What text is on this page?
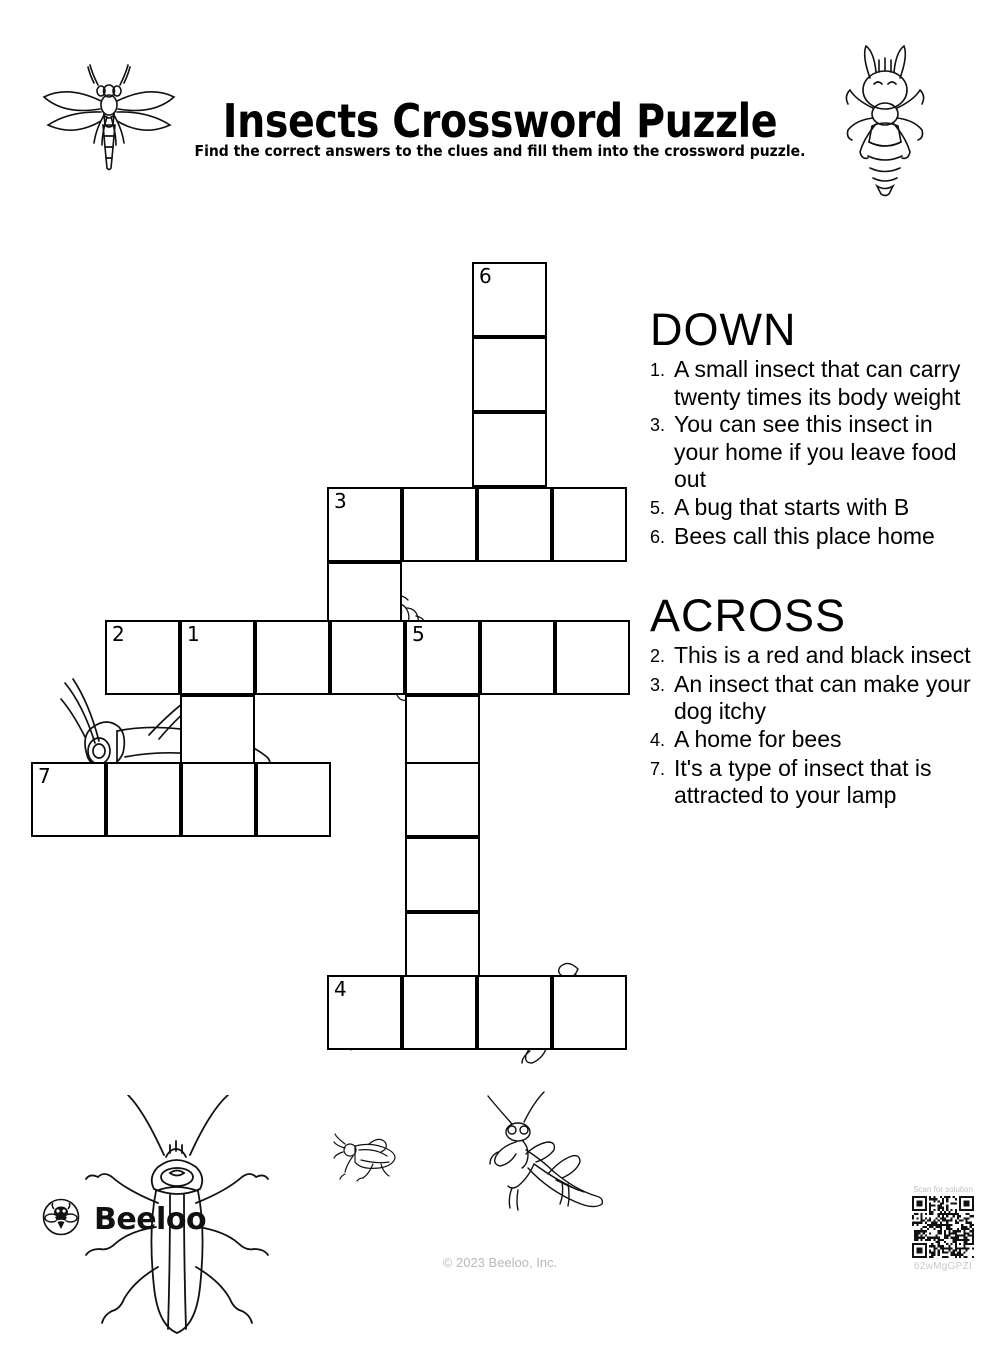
Insects Crossword Puzzle
Find the correct answers to the clues and fill them into the crossword puzzle.
6
3
2	1	5
7
4
DOWN
1. A small insect that can carry twenty times its body weight
3. You can see this insect in your home if you leave food out
5. A bug that starts with B
6. Bees call this place home
ACROSS
2. This is a red and black insect
3. An insect that can make your dog itchy
4. A home for bees
7. It's a type of insect that is attracted to your lamp
Beeloo
© 2023 Beeloo, Inc.
Scan for solution
62wMgGPZI
